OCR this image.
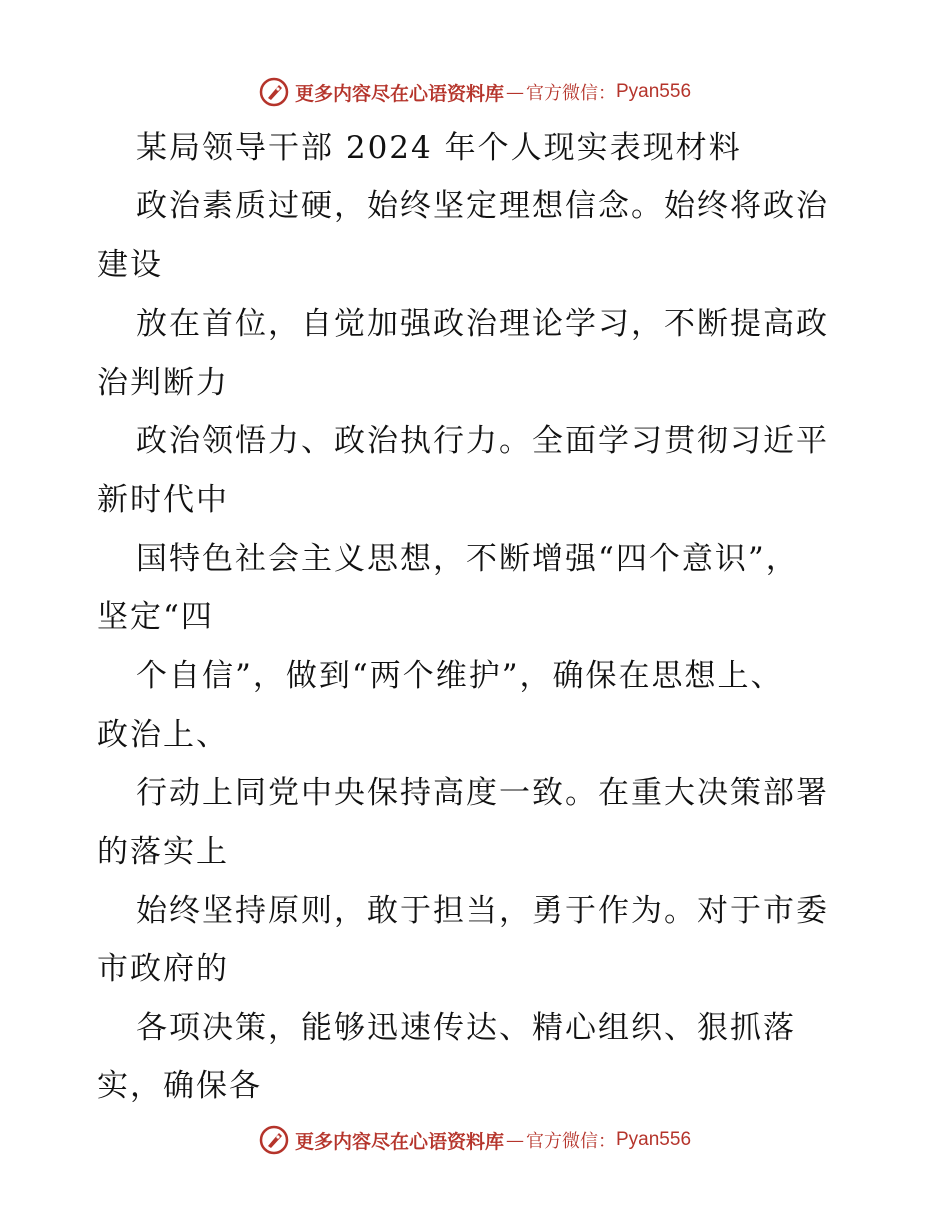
更多内容尽在心语资料库 — 官方微信： Pyan556
某局领导干部 2024 年个人现实表现材料
政治素质过硬，始终坚定理想信念。始终将政治
建设
放在首位，自觉加强政治理论学习，不断提高政
治判断力
政治领悟力、政治执行力。全面学习贯彻习近平
新时代中
国特色社会主义思想，不断增强“四个意识”，
坚定“四
个自信”，做到“两个维护”，确保在思想上、
政治上、
行动上同党中央保持高度一致。在重大决策部署
的落实上
始终坚持原则，敢于担当，勇于作为。对于市委
市政府的
各项决策，能够迅速传达、精心组织、狠抓落
实，确保各
更多内容尽在心语资料库 — 官方微信： Pyan556
